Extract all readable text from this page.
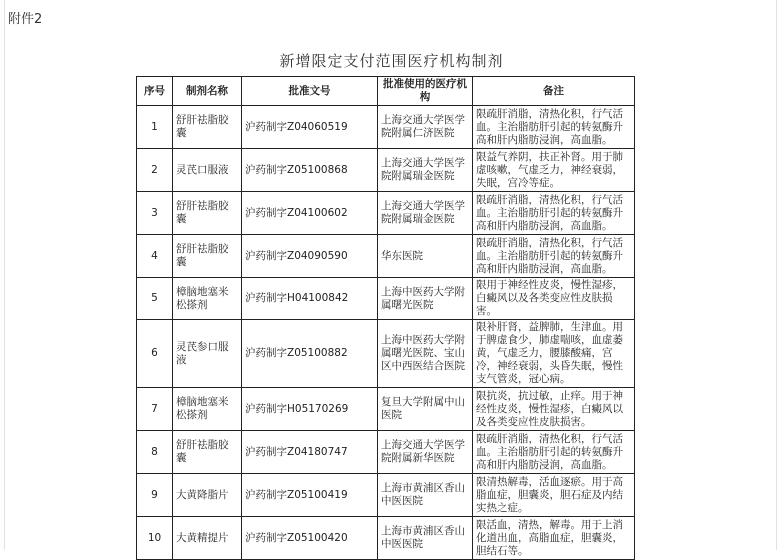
附件2
新增限定支付范围医疗机构制剂
序号	制剂名称	批准文号	批准使用的医疗机构	备注
1	舒肝祛脂胶囊	沪药制字Z04060519	上海交通大学医学院附属仁济医院	限疏肝消脂，清热化积，行气活血。主治脂肪肝引起的转氨酶升高和肝内脂肪浸润，高血脂。
2	灵芪口服液	沪药制字Z05100868	上海交通大学医学院附属瑞金医院	限益气养阴，扶正补肾。用于肺虚咳嗽，气虚乏力，神经衰弱，失眠，宫冷等症。
3	舒肝祛脂胶囊	沪药制字Z04100602	上海交通大学医学院附属瑞金医院	限疏肝消脂，清热化积，行气活血。主治脂肪肝引起的转氨酶升高和肝内脂肪浸润，高血脂。
4	舒肝祛脂胶囊	沪药制字Z04090590	华东医院	限疏肝消脂，清热化积，行气活血。主治脂肪肝引起的转氨酶升高和肝内脂肪浸润，高血脂。
5	樟脑地塞米松搽剂	沪药制字H04100842	上海中医药大学附属曙光医院	限用于神经性皮炎，慢性湿疹，白癜风以及各类变应性皮肤损害。
6	灵芪参口服液	沪药制字Z05100882	上海中医药大学附属曙光医院、宝山区中西医结合医院	限补肝肾，益脾肺，生津血。用于脾虚食少，肺虚喘咳，血虚萎黄，气虚乏力，腰膝酸痛，宫冷，神经衰弱，头昏失眠，慢性支气管炎，冠心病。
7	樟脑地塞米松搽剂	沪药制字H05170269	复旦大学附属中山医院	限抗炎，抗过敏，止痒。用于神经性皮炎，慢性湿疹，白癜风以及各类变应性皮肤损害。
8	舒肝祛脂胶囊	沪药制字Z04180747	上海交通大学医学院附属新华医院	限疏肝消脂，清热化积，行气活血。主治脂肪肝引起的转氨酶升高和肝内脂肪浸润，高血脂。
9	大黄降脂片	沪药制字Z05100419	上海市黄浦区香山中医医院	限清热解毒，活血逐瘀。用于高脂血症，胆囊炎，胆石症及内结实热之症。
10	大黄精提片	沪药制字Z05100420	上海市黄浦区香山中医医院	限活血，清热，解毒。用于上消化道出血，高脂血症，胆囊炎，胆结石等。
